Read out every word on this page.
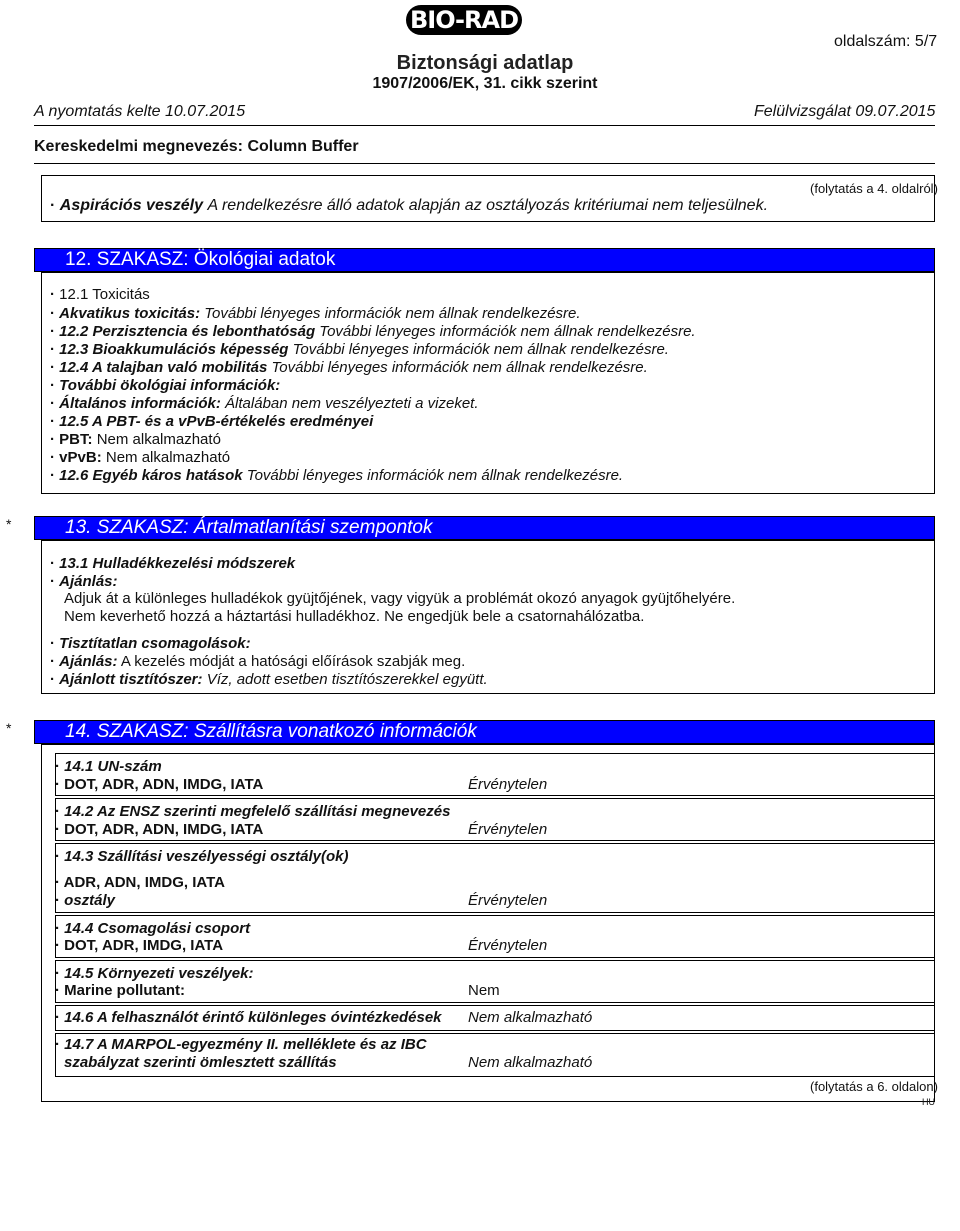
BIO-RAD
oldalszám: 5/7
Biztonsági adatlap
1907/2006/EK, 31. cikk szerint
A nyomtatás kelte 10.07.2015	Felülvizsgálat 09.07.2015
Kereskedelmi megnevezés: Column Buffer
(folytatás a 4. oldalról)
· Aspirációs veszély A rendelkezésre álló adatok alapján az osztályozás kritériumai nem teljesülnek.
12. SZAKASZ: Ökológiai adatok
· 12.1 Toxicitás
· Akvatikus toxicitás: További lényeges információk nem állnak rendelkezésre.
· 12.2 Perzisztencia és lebonthatóság További lényeges információk nem állnak rendelkezésre.
· 12.3 Bioakkumulációs képesség További lényeges információk nem állnak rendelkezésre.
· 12.4 A talajban való mobilitás További lényeges információk nem állnak rendelkezésre.
· További ökológiai információk:
· Általános információk: Általában nem veszélyezteti a vizeket.
· 12.5 A PBT- és a vPvB-értékelés eredményei
· PBT: Nem alkalmazható
· vPvB: Nem alkalmazható
· 12.6 Egyéb káros hatások További lényeges információk nem állnak rendelkezésre.
*	13. SZAKASZ: Ártalmatlanítási szempontok
· 13.1 Hulladékkezelési módszerek
· Ajánlás:
Adjuk át a különleges hulladékok gyüjtőjének, vagy vigyük a problémát okozó anyagok gyüjtőhelyére.
Nem keverhető hozzá a háztartási hulladékhoz. Ne engedjük bele a csatornahálózatba.
· Tisztítatlan csomagolások:
· Ajánlás: A kezelés módját a hatósági előírások szabják meg.
· Ajánlott tisztítószer: Víz, adott esetben tisztítószerekkel együtt.
*	14. SZAKASZ: Szállításra vonatkozó információk
· 14.1 UN-szám
· DOT, ADR, ADN, IMDG, IATA	Érvénytelen
· 14.2 Az ENSZ szerinti megfelelő szállítási megnevezés
· DOT, ADR, ADN, IMDG, IATA	Érvénytelen
· 14.3 Szállítási veszélyességi osztály(ok)
· ADR, ADN, IMDG, IATA
· osztály	Érvénytelen
· 14.4 Csomagolási csoport
· DOT, ADR, IMDG, IATA	Érvénytelen
· 14.5 Környezeti veszélyek:
· Marine pollutant:	Nem
· 14.6 A felhasználót érintő különleges óvintézkedések Nem alkalmazható
· 14.7 A MARPOL-egyezmény II. melléklete és az IBC
szabályzat szerinti ömlesztett szállítás	Nem alkalmazható
(folytatás a 6. oldalon)
HU
